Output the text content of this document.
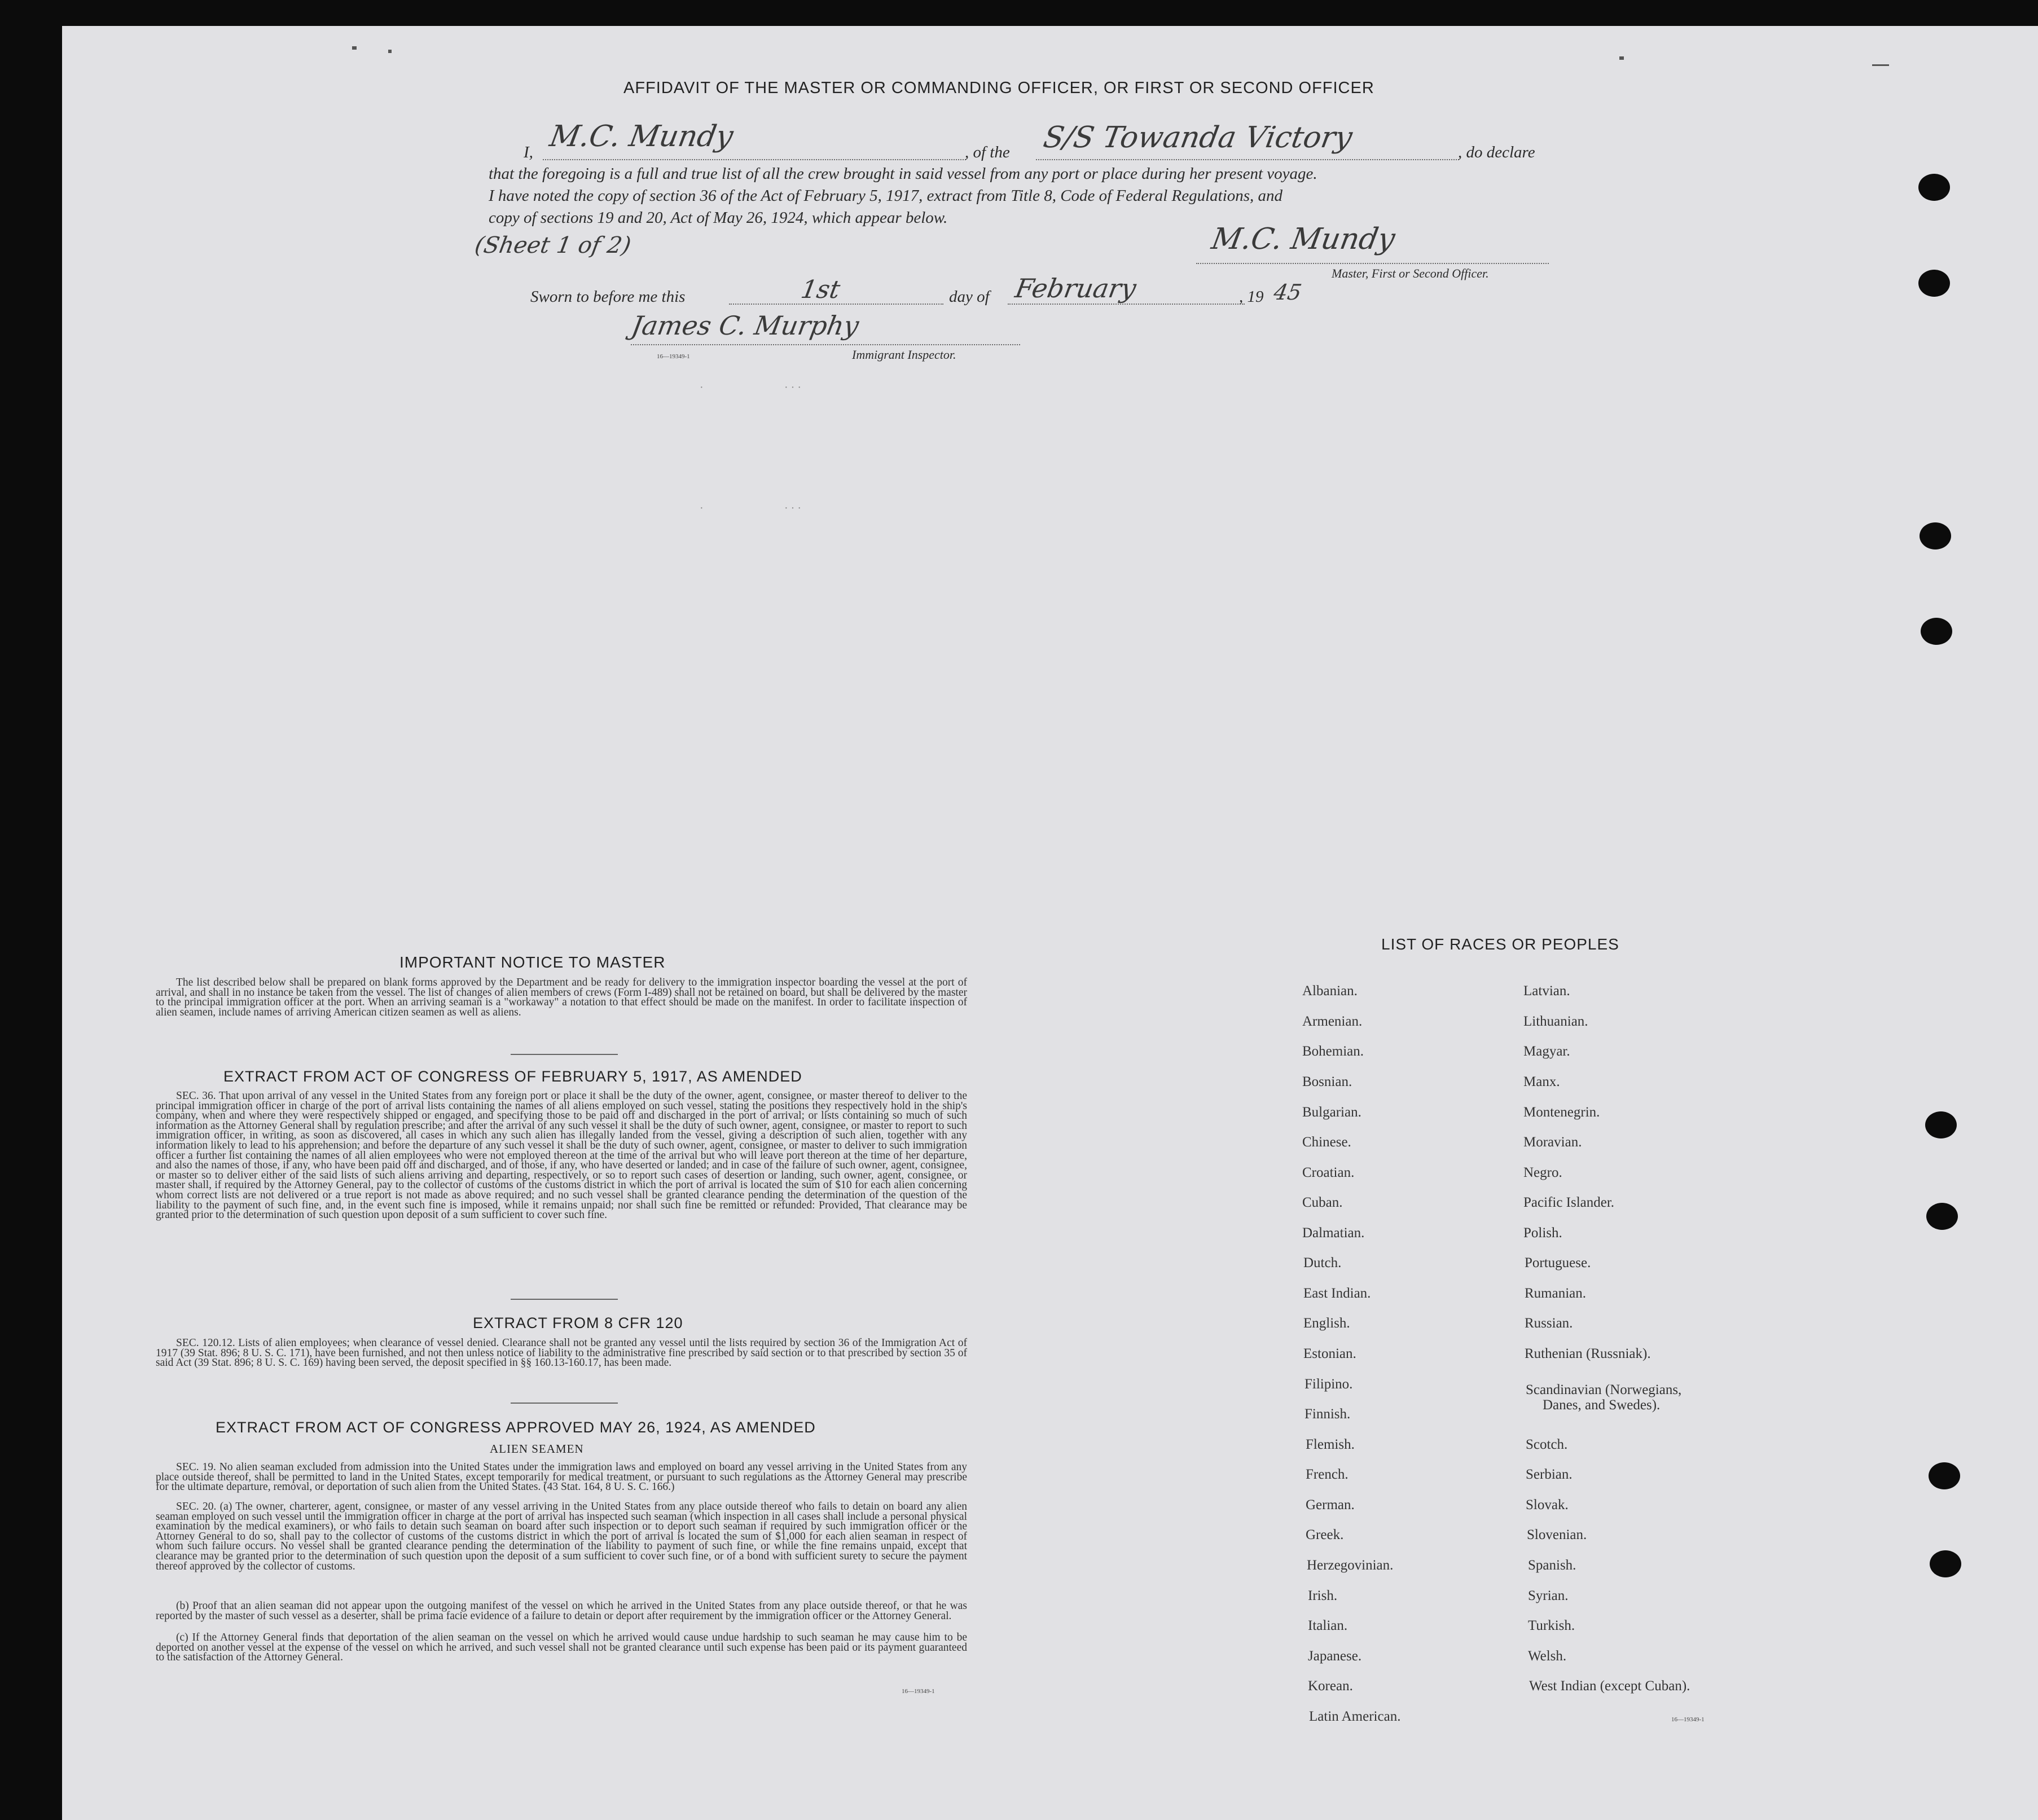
AFFIDAVIT OF THE MASTER OR COMMANDING OFFICER, OR FIRST OR SECOND OFFICER
I, M.C. Mundy	, of the S/S Towanda Victory	, do declare
that the foregoing is a full and true list of all the crew brought in said vessel from any port or place during her present voyage.
I have noted the copy of section 36 of the Act of February 5, 1917, extract from Title 8, Code of Federal Regulations, and
copy of sections 19 and 20, Act of May 26, 1924, which appear below.
(Sheet 1 of 2)	M.C. Mundy
Master, First or Second Officer.
Sworn to before me this	1st	day of February	, 19 45
James C. Murphy
16—19349-1	Immigrant Inspector.
·	· · ·
·	· · ·
IMPORTANT NOTICE TO MASTER

The list described below shall be prepared on blank forms approved by the Department and be ready for delivery to the immigration inspector boarding the vessel at the port of arrival, and shall in no instance be taken from the vessel. The list of changes of alien members of crews (Form I-489) shall not be retained on board, but shall be delivered by the master to the principal immigration officer at the port. When an arriving seaman is a "workaway" a notation to that effect should be made on the manifest. In order to facilitate inspection of alien seamen, include names of arriving American citizen seamen as well as aliens.

EXTRACT FROM ACT OF CONGRESS OF FEBRUARY 5, 1917, AS AMENDED

SEC. 36. That upon arrival of any vessel in the United States from any foreign port or place it shall be the duty of the owner, agent, consignee, or master thereof to deliver to the principal immigration officer in charge of the port of arrival lists containing the names of all aliens employed on such vessel, stating the positions they respectively hold in the ship's company, when and where they were respectively shipped or engaged, and specifying those to be paid off and discharged in the port of arrival; or lists containing so much of such information as the Attorney General shall by regulation prescribe; and after the arrival of any such vessel it shall be the duty of such owner, agent, consignee, or master to report to such immigration officer, in writing, as soon as discovered, all cases in which any such alien has illegally landed from the vessel, giving a description of such alien, together with any information likely to lead to his apprehension; and before the departure of any such vessel it shall be the duty of such owner, agent, consignee, or master to deliver to such immigration officer a further list containing the names of all alien employees who were not employed thereon at the time of the arrival but who will leave port thereon at the time of her departure, and also the names of those, if any, who have been paid off and discharged, and of those, if any, who have deserted or landed; and in case of the failure of such owner, agent, consignee, or master so to deliver either of the said lists of such aliens arriving and departing, respectively, or so to report such cases of desertion or landing, such owner, agent, consignee, or master shall, if required by the Attorney General, pay to the collector of customs of the customs district in which the port of arrival is located the sum of $10 for each alien concerning whom correct lists are not delivered or a true report is not made as above required; and no such vessel shall be granted clearance pending the determination of the question of the liability to the payment of such fine, and, in the event such fine is imposed, while it remains unpaid; nor shall such fine be remitted or refunded: Provided, That clearance may be granted prior to the determination of such question upon deposit of a sum sufficient to cover such fine.

EXTRACT FROM 8 CFR 120

SEC. 120.12. Lists of alien employees; when clearance of vessel denied. Clearance shall not be granted any vessel until the lists required by section 36 of the Immigration Act of 1917 (39 Stat. 896; 8 U. S. C. 171), have been furnished, and not then unless notice of liability to the administrative fine prescribed by said section or to that prescribed by section 35 of said Act (39 Stat. 896; 8 U. S. C. 169) having been served, the deposit specified in §§ 160.13-160.17, has been made.

EXTRACT FROM ACT OF CONGRESS APPROVED MAY 26, 1924, AS AMENDED
ALIEN SEAMEN

SEC. 19. No alien seaman excluded from admission into the United States under the immigration laws and employed on board any vessel arriving in the United States from any place outside thereof, shall be permitted to land in the United States, except temporarily for medical treatment, or pursuant to such regulations as the Attorney General may prescribe for the ultimate departure, removal, or deportation of such alien from the United States. (43 Stat. 164, 8 U. S. C. 166.)

SEC. 20. (a) The owner, charterer, agent, consignee, or master of any vessel arriving in the United States from any place outside thereof who fails to detain on board any alien seaman employed on such vessel until the immigration officer in charge at the port of arrival has inspected such seaman (which inspection in all cases shall include a personal physical examination by the medical examiners), or who fails to detain such seaman on board after such inspection or to deport such seaman if required by such immigration officer or the Attorney General to do so, shall pay to the collector of customs of the customs district in which the port of arrival is located the sum of $1,000 for each alien seaman in respect of whom such failure occurs. No vessel shall be granted clearance pending the determination of the liability to payment of such fine, or while the fine remains unpaid, except that clearance may be granted prior to the determination of such question upon the deposit of a sum sufficient to cover such fine, or of a bond with sufficient surety to secure the payment thereof approved by the collector of customs.

(b) Proof that an alien seaman did not appear upon the outgoing manifest of the vessel on which he arrived in the United States from any place outside thereof, or that he was reported by the master of such vessel as a deserter, shall be prima facie evidence of a failure to detain or deport after requirement by the immigration officer or the Attorney General.

(c) If the Attorney General finds that deportation of the alien seaman on the vessel on which he arrived would cause undue hardship to such seaman he may cause him to be deported on another vessel at the expense of the vessel on which he arrived, and such vessel shall not be granted clearance until such expense has been paid or its payment guaranteed to the satisfaction of the Attorney General.

16—19349-1
LIST OF RACES OR PEOPLES
Albanian.
Armenian.
Bohemian.
Bosnian.
Bulgarian.
Chinese.
Croatian.
Cuban.
Dalmatian.
Dutch.
East Indian.
English.
Estonian.
Filipino.
Finnish.
Flemish.
French.
German.
Greek.
Herzegovinian.
Irish.
Italian.
Japanese.
Korean.
Latin American.
Latvian.
Lithuanian.
Magyar.
Manx.
Montenegrin.
Moravian.
Negro.
Pacific Islander.
Polish.
Portuguese.
Rumanian.
Russian.
Ruthenian (Russniak).
Scandinavian (Norwegians,
Danes, and Swedes).
Scotch.
Serbian.
Slovak.
Slovenian.
Spanish.
Syrian.
Turkish.
Welsh.
West Indian (except Cuban).
16—19349-1
